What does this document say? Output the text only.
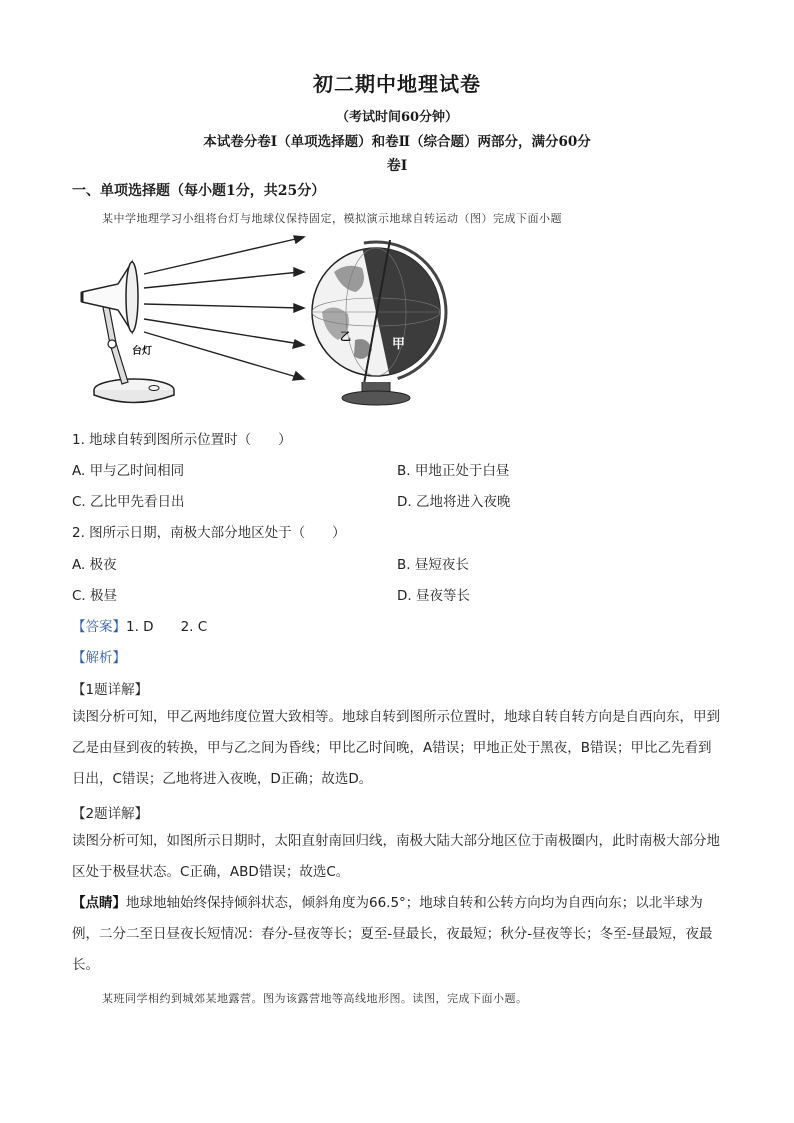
初二期中地理试卷
（考试时间60分钟）
本试卷分卷Ⅰ（单项选择题）和卷Ⅱ（综合题）两部分，满分60分
卷Ⅰ
一、单项选择题（每小题1分，共25分）
某中学地理学习小组将台灯与地球仪保持固定，模拟演示地球自转运动（图）完成下面小题
台灯	甲
乙
1. 地球自转到图所示位置时（　　）
A. 甲与乙时间相同	B. 甲地正处于白昼
C. 乙比甲先看日出	D. 乙地将进入夜晚
2. 图所示日期，南极大部分地区处于（　　）
A. 极夜	B. 昼短夜长
C. 极昼	D. 昼夜等长
【答案】1. D　　2. C
【解析】
【1题详解】
读图分析可知，甲乙两地纬度位置大致相等。地球自转到图所示位置时，地球自转自转方向是自西向东，甲到乙是由昼到夜的转换，甲与乙之间为昏线；甲比乙时间晚，A错误；甲地正处于黑夜，B错误；甲比乙先看到日出，C错误；乙地将进入夜晚，D正确；故选D。
【2题详解】
读图分析可知，如图所示日期时，太阳直射南回归线，南极大陆大部分地区位于南极圈内，此时南极大部分地区处于极昼状态。C正确，ABD错误；故选C。
【点睛】地球地轴始终保持倾斜状态，倾斜角度为66.5°；地球自转和公转方向均为自西向东；以北半球为例，二分二至日昼夜长短情况：春分-昼夜等长；夏至-昼最长，夜最短；秋分-昼夜等长；冬至-昼最短，夜最长。
某班同学相约到城郊某地露营。图为该露营地等高线地形图。读图，完成下面小题。
